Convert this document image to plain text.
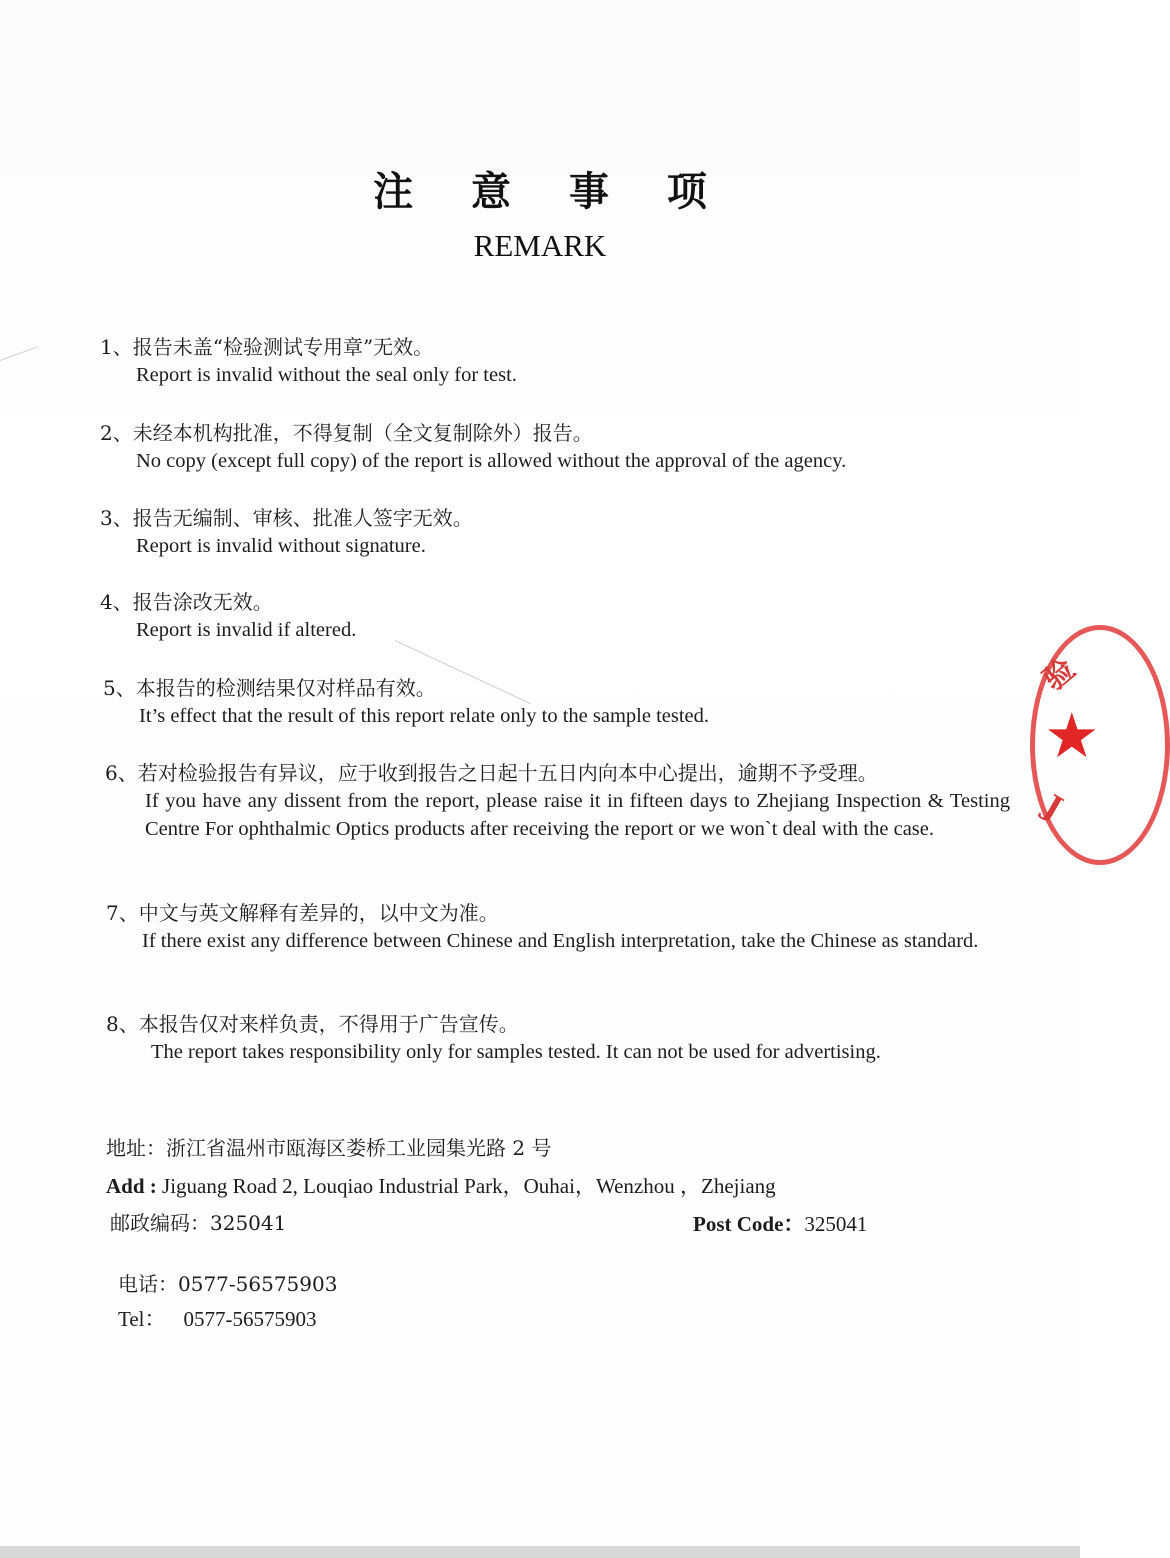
注 意 事 项
REMARK
1、报告未盖“检验测试专用章”无效。
Report is invalid without the seal only for test.
2、未经本机构批准，不得复制（全文复制除外）报告。
No copy (except full copy) of the report is allowed without the approval of the agency.
3、报告无编制、审核、批准人签字无效。
Report is invalid without signature.
4、报告涂改无效。
Report is invalid if altered.
5、本报告的检测结果仅对样品有效。
It’s effect that the result of this report relate only to the sample tested.
6、若对检验报告有异议，应于收到报告之日起十五日内向本中心提出，逾期不予受理。
If you have any dissent from the report, please raise it in fifteen days to Zhejiang Inspection & Testing Centre For ophthalmic Optics products after receiving the report or we won`t deal with the case.
7、中文与英文解释有差异的，以中文为准。
If there exist any difference between Chinese and English interpretation, take the Chinese as standard.
8、本报告仅对来样负责，不得用于广告宣传。
The report takes responsibility only for samples tested. It can not be used for advertising.
地址：浙江省温州市瓯海区娄桥工业园集光路 2 号
Add : Jiguang Road 2, Louqiao Industrial Park，Ouhai，Wenzhou ，Zhejiang
邮政编码：325041	Post Code：325041
电话：0577-56575903
Tel： 0577-56575903
★
验
J
